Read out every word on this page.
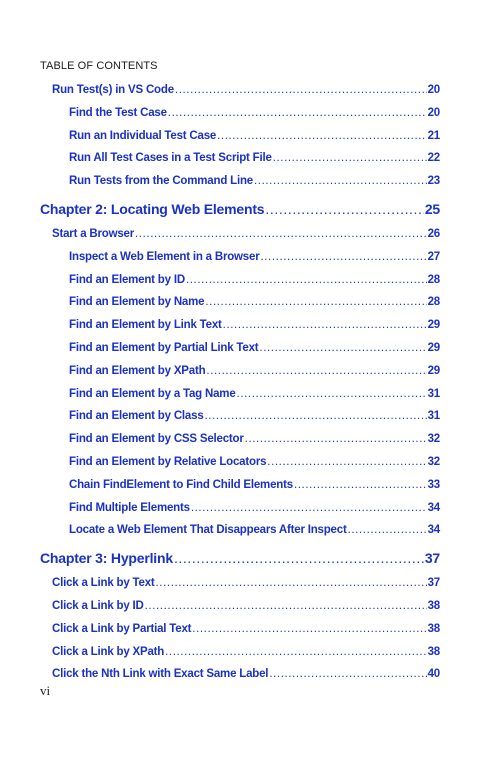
TABLE OF CONTENTS
Run Test(s) in VS Code .....	20
Find the Test Case .....	20
Run an Individual Test Case .....	21
Run All Test Cases in a Test Script File .....	22
Run Tests from the Command Line .....	23
Chapter 2: Locating Web Elements .....	25
Start a Browser .....	26
Inspect a Web Element in a Browser .....	27
Find an Element by ID .....	28
Find an Element by Name .....	28
Find an Element by Link Text .....	29
Find an Element by Partial Link Text .....	29
Find an Element by XPath .....	29
Find an Element by a Tag Name .....	31
Find an Element by Class .....	31
Find an Element by CSS Selector .....	32
Find an Element by Relative Locators .....	32
Chain FindElement to Find Child Elements .....	33
Find Multiple Elements .....	34
Locate a Web Element That Disappears After Inspect .....	34
Chapter 3: Hyperlink .....	37
Click a Link by Text .....	37
Click a Link by ID .....	38
Click a Link by Partial Text .....	38
Click a Link by XPath .....	38
Click the Nth Link with Exact Same Label .....	40
vi
